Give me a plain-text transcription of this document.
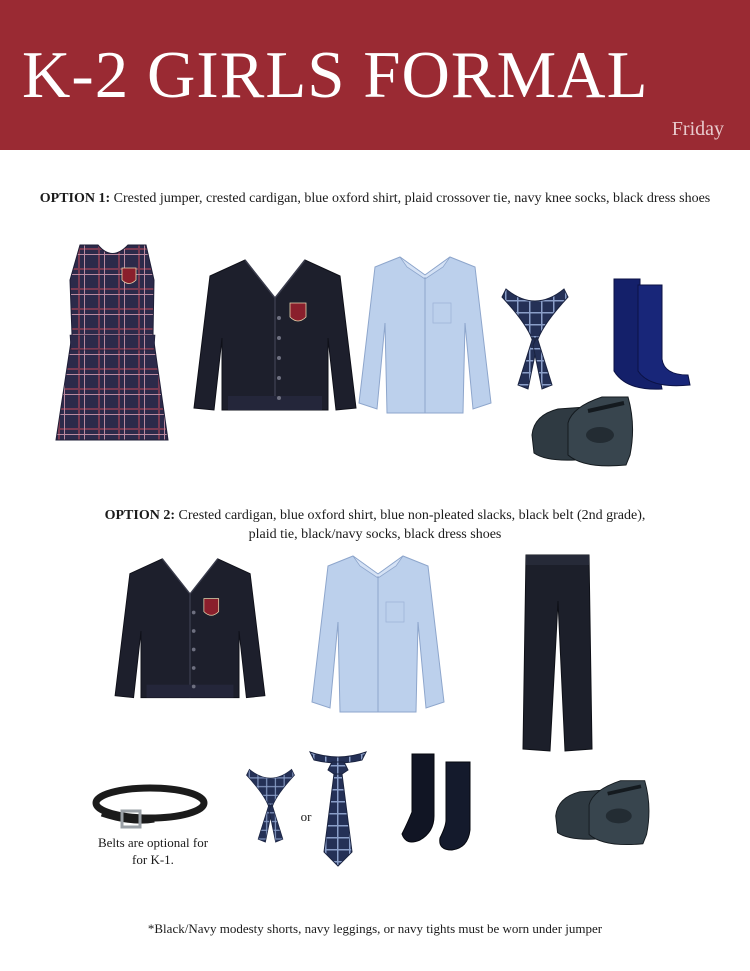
K-2 GIRLS FORMAL
Friday
OPTION 1: Crested jumper, crested cardigan, blue oxford shirt, plaid crossover tie, navy knee socks, black dress shoes
OPTION 2: Crested cardigan, blue oxford shirt, blue non-pleated slacks, black belt (2nd grade),
plaid tie, black/navy socks, black dress shoes
Belts are optional for
for K-1.
or
*Black/Navy modesty shorts, navy leggings, or navy tights must be worn under jumper
